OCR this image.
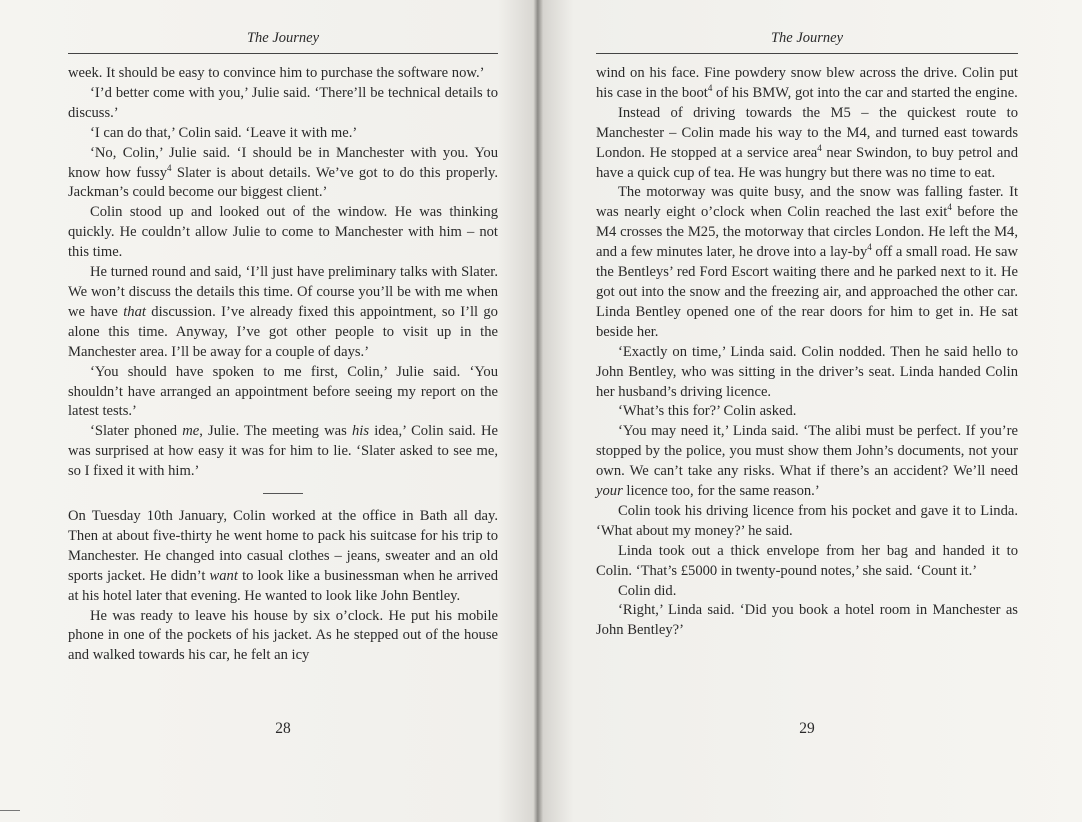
The Journey

week. It should be easy to convince him to purchase the software now.’

‘I’d better come with you,’ Julie said. ‘There’ll be technical details to discuss.’

‘I can do that,’ Colin said. ‘Leave it with me.’

‘No, Colin,’ Julie said. ‘I should be in Manchester with you. You know how fussy$^4$ Slater is about details. We’ve got to do this properly. Jackman’s could become our biggest client.’

Colin stood up and looked out of the window. He was thinking quickly. He couldn’t allow Julie to come to Manchester with him – not this time.

He turned round and said, ‘I’ll just have preliminary talks with Slater. We won’t discuss the details this time. Of course you’ll be with me when we have that discussion. I’ve already fixed this appointment, so I’ll go alone this time. Anyway, I’ve got other people to visit up in the Manchester area. I’ll be away for a couple of days.’

‘You should have spoken to me first, Colin,’ Julie said. ‘You shouldn’t have arranged an appointment before seeing my report on the latest tests.’

‘Slater phoned me, Julie. The meeting was his idea,’ Colin said. He was surprised at how easy it was for him to lie. ‘Slater asked to see me, so I fixed it with him.’

On Tuesday 10th January, Colin worked at the office in Bath all day. Then at about five-thirty he went home to pack his suitcase for his trip to Manchester. He changed into casual clothes – jeans, sweater and an old sports jacket. He didn’t want to look like a businessman when he arrived at his hotel later that evening. He wanted to look like John Bentley.

He was ready to leave his house by six o’clock. He put his mobile phone in one of the pockets of his jacket. As he stepped out of the house and walked towards his car, he felt an icy

28
The Journey

wind on his face. Fine powdery snow blew across the drive. Colin put his case in the boot$^4$ of his BMW, got into the car and started the engine.

Instead of driving towards the M5 – the quickest route to Manchester – Colin made his way to the M4, and turned east towards London. He stopped at a service area$^4$ near Swindon, to buy petrol and have a quick cup of tea. He was hungry but there was no time to eat.

The motorway was quite busy, and the snow was falling faster. It was nearly eight o’clock when Colin reached the last exit$^4$ before the M4 crosses the M25, the motorway that circles London. He left the M4, and a few minutes later, he drove into a lay-$by^4$ off a small road. He saw the Bentleys’ red Ford Escort waiting there and he parked next to it. He got out into the snow and the freezing air, and approached the other car. Linda Bentley opened one of the rear doors for him to get in. He sat beside her.

‘Exactly on time,’ Linda said. Colin nodded. Then he said hello to John Bentley, who was sitting in the driver’s seat. Linda handed Colin her husband’s driving licence.

‘What’s this for?’ Colin asked.

‘You may need it,’ Linda said. ‘The alibi must be perfect. If you’re stopped by the police, you must show them John’s documents, not your own. We can’t take any risks. What if there’s an accident? We’ll need your licence too, for the same reason.’

Colin took his driving licence from his pocket and gave it to Linda. ‘What about my money?’ he said.

Linda took out a thick envelope from her bag and handed it to Colin. ‘That’s £5000 in twenty-pound notes,’ she said. ‘Count it.’

Colin did.

‘Right,’ Linda said. ‘Did you book a hotel room in Manchester as John Bentley?’

29
